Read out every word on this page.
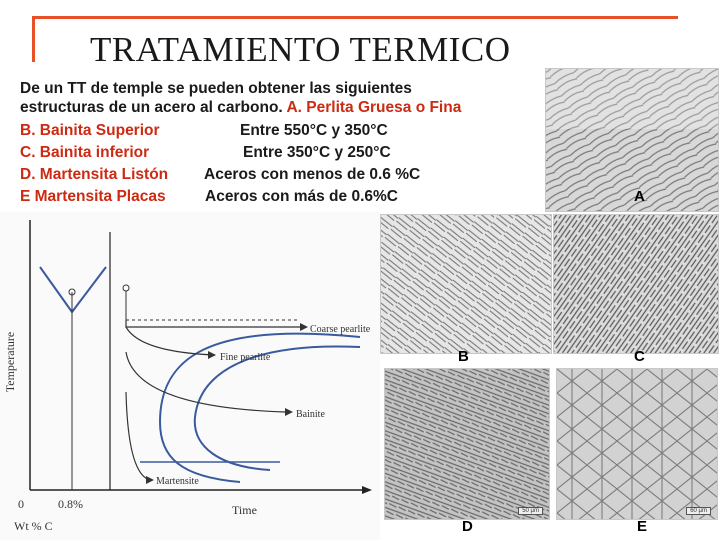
TRATAMIENTO TERMICO
De un TT de temple se pueden obtener las siguientes
estructuras de un acero al carbono. A. Perlita Gruesa o Fina
B. Bainita Superior	Entre 550°C y 350°C
C. Bainita inferior	Entre 350°C y 250°C
D. Martensita Listón Aceros con menos de 0.6 %C
E Martensita Placas	Aceros con más de 0.6%C
Coarse pearlite
Fine pearlite
Bainite
Martensite
Temperature
Time
0	0.8%
Wt % C
A
B	C
50 µm
D
60 µm
E
